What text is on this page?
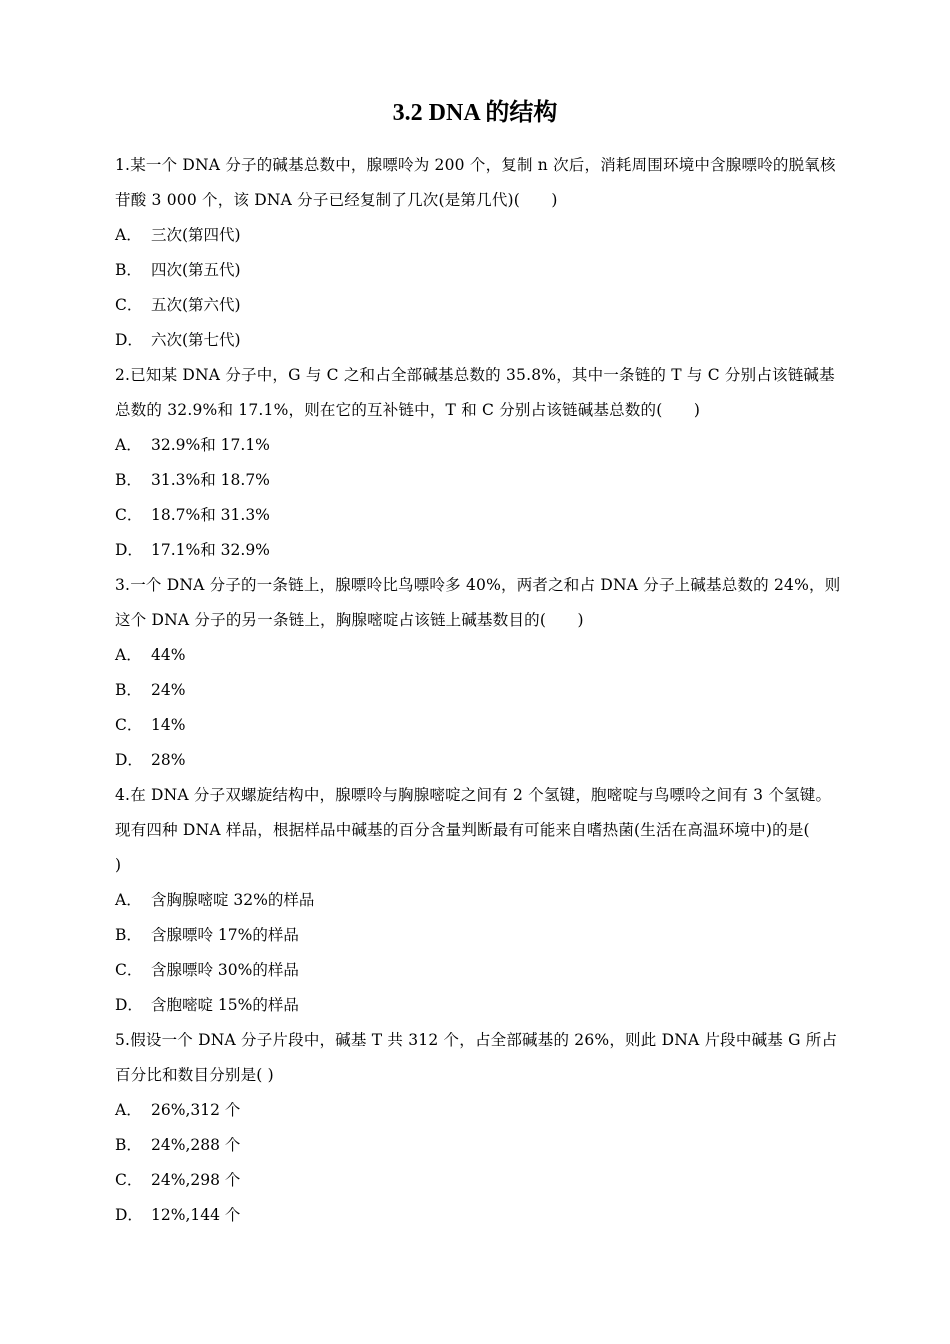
3.2 DNA 的结构

1.某一个 DNA 分子的碱基总数中，腺嘌呤为 200 个，复制 n 次后，消耗周围环境中含腺嘌呤的脱氧核苷酸 3 000 个，该 DNA 分子已经复制了几次(是第几代)(　　)

A． 三次(第四代)
B． 四次(第五代)
C． 五次(第六代)
D． 六次(第七代)

2.已知某 DNA 分子中，G 与 C 之和占全部碱基总数的 35.8%，其中一条链的 T 与 C 分别占该链碱基总数的 32.9%和 17.1%，则在它的互补链中，T 和 C 分别占该链碱基总数的(　　)

A． 32.9%和 17.1%
B． 31.3%和 18.7%
C． 18.7%和 31.3%
D． 17.1%和 32.9%

3.一个 DNA 分子的一条链上，腺嘌呤比鸟嘌呤多 40%，两者之和占 DNA 分子上碱基总数的 24%，则这个 DNA 分子的另一条链上，胸腺嘧啶占该链上碱基数目的(　　)

A． 44%
B． 24%
C． 14%
D． 28%

4.在 DNA 分子双螺旋结构中，腺嘌呤与胸腺嘧啶之间有 2 个氢键，胞嘧啶与鸟嘌呤之间有 3 个氢键。现有四种 DNA 样品，根据样品中碱基的百分含量判断最有可能来自嗜热菌(生活在高温环境中)的是(　　)

A． 含胸腺嘧啶 32%的样品
B． 含腺嘌呤 17%的样品
C． 含腺嘌呤 30%的样品
D． 含胞嘧啶 15%的样品

5.假设一个 DNA 分子片段中，碱基 T 共 312 个，占全部碱基的 26%，则此 DNA 片段中碱基 G 所占百分比和数目分别是( )

A． 26%,312 个
B． 24%,288 个
C． 24%,298 个
D． 12%,144 个
